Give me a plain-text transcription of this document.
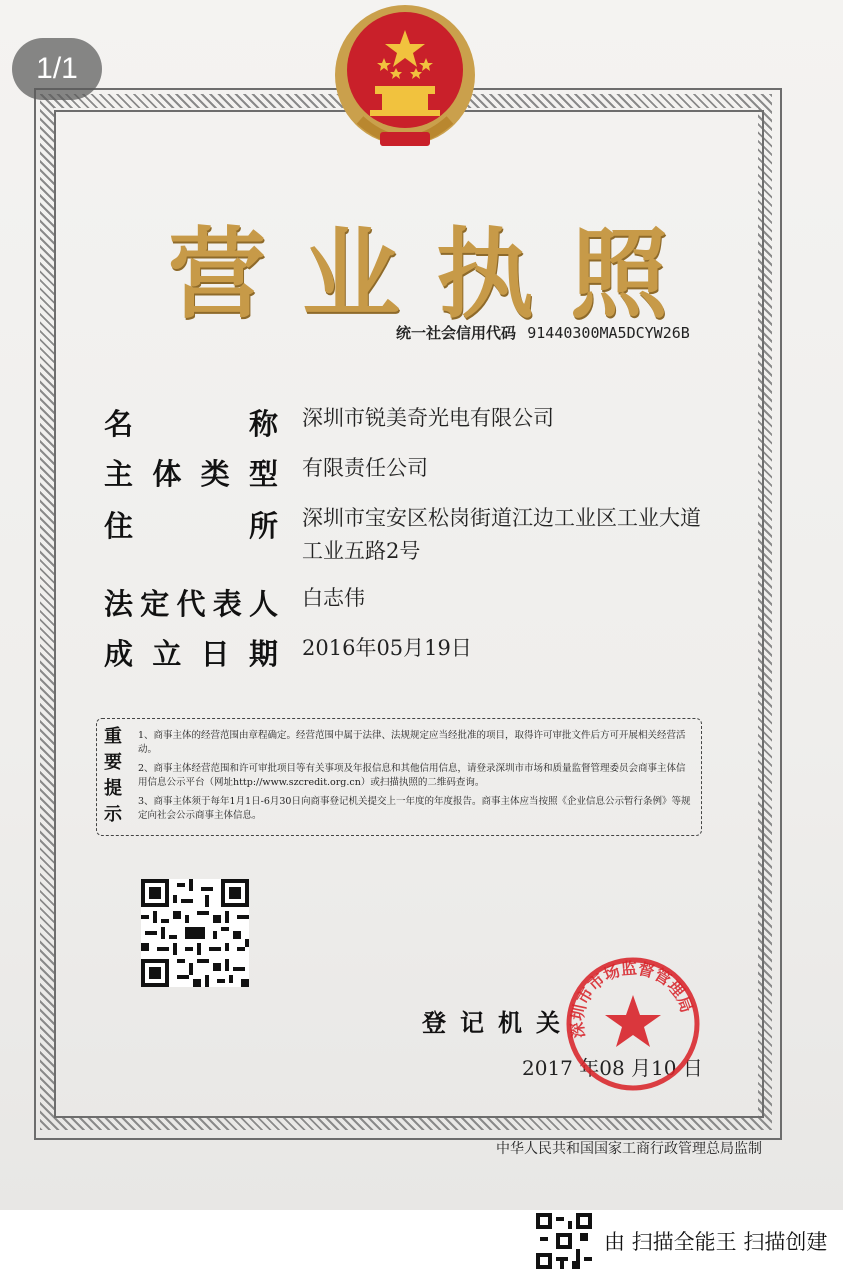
营 业 执 照
统一社会信用代码 91440300MA5DCYW26B
名	称 深圳市锐美奇光电有限公司
主 体 类 型 有限责任公司
住	所 深圳市宝安区松岗街道江边工业区工业大道
工业五路2号
法 定 代 表 人 白志伟
成 立 日 期 2016年05月19日
重
要
提
示
1、商事主体的经营范围由章程确定。经营范围中属于法律、法规规定应当经批准的项目，取得许可审批文件后方可开展相关经营活动。
2、商事主体经营范围和许可审批项目等有关事项及年报信息和其他信用信息，请登录深圳市市场和质量监督管理委员会商事主体信用信息公示平台（网址http://www.szcredit.org.cn）或扫描执照的二维码查询。
3、商事主体须于每年1月1日-6月30日向商事登记机关提交上一年度的年度报告。商事主体应当按照《企业信息公示暂行条例》等规定向社会公示商事主体信息。
登记机关
2017 年08 月10 日
深圳市市场监督管理局
中华人民共和国国家工商行政管理总局监制
1/1
由 扫描全能王 扫描创建
